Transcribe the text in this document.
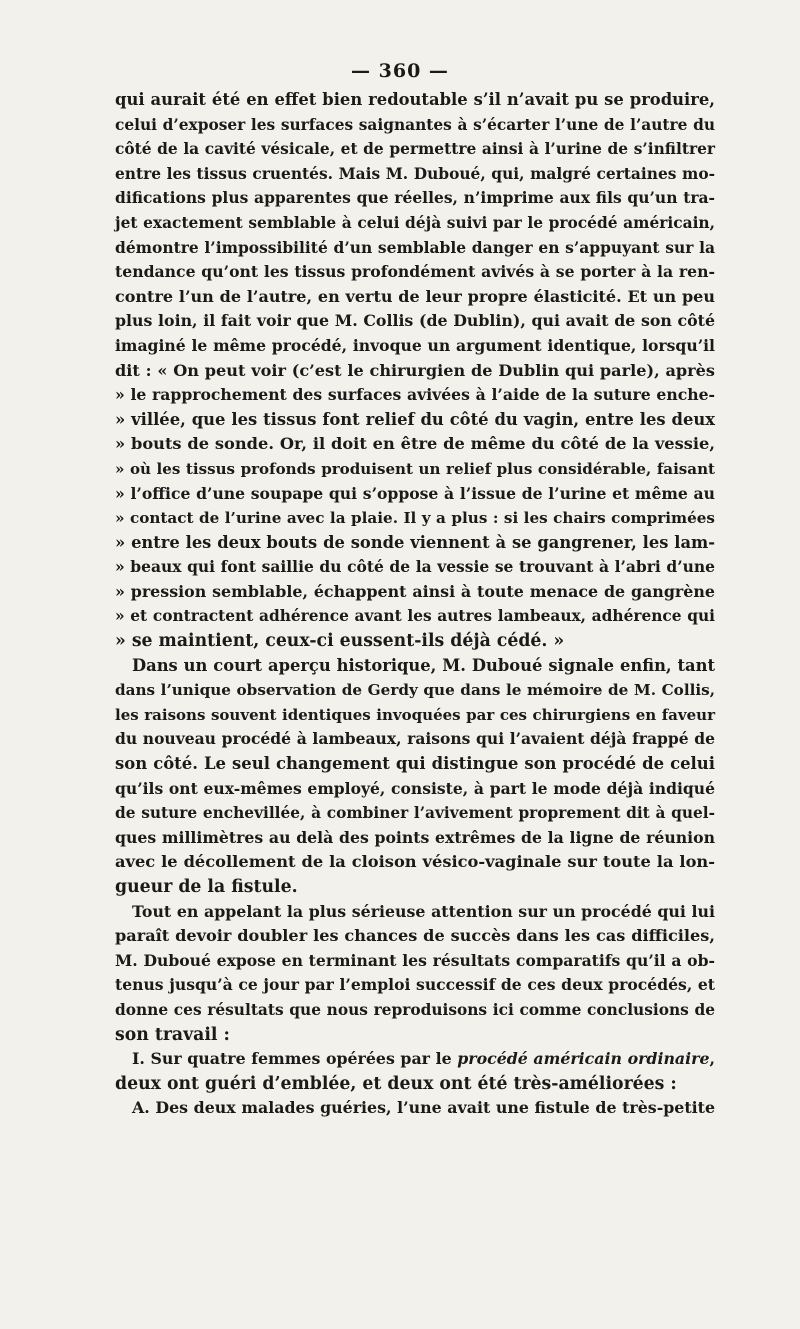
— 360 —
qui aurait été en effet bien redoutable s’il n’avait pu se produire,
celui d’exposer les surfaces saignantes à s’écarter l’une de l’autre du
côté de la cavité vésicale, et de permettre ainsi à l’urine de s’infiltrer
entre les tissus cruentés. Mais M. Duboué, qui, malgré certaines mo-
difications plus apparentes que réelles, n’imprime aux fils qu’un tra-
jet exactement semblable à celui déjà suivi par le procédé américain,
démontre l’impossibilité d’un semblable danger en s’appuyant sur la
tendance qu’ont les tissus profondément avivés à se porter à la ren-
contre l’un de l’autre, en vertu de leur propre élasticité. Et un peu
plus loin, il fait voir que M. Collis (de Dublin), qui avait de son côté
imaginé le même procédé, invoque un argument identique, lorsqu’il
dit : « On peut voir (c’est le chirurgien de Dublin qui parle), après
» le rapprochement des surfaces avivées à l’aide de la suture enche-
» villée, que les tissus font relief du côté du vagin, entre les deux
» bouts de sonde. Or, il doit en être de même du côté de la vessie,
» où les tissus profonds produisent un relief plus considérable, faisant
» l’office d’une soupape qui s’oppose à l’issue de l’urine et même au
» contact de l’urine avec la plaie. Il y a plus : si les chairs comprimées
» entre les deux bouts de sonde viennent à se gangrener, les lam-
» beaux qui font saillie du côté de la vessie se trouvant à l’abri d’une
» pression semblable, échappent ainsi à toute menace de gangrène
» et contractent adhérence avant les autres lambeaux, adhérence qui
» se maintient, ceux-ci eussent-ils déjà cédé. »
Dans un court aperçu historique, M. Duboué signale enfin, tant
dans l’unique observation de Gerdy que dans le mémoire de M. Collis,
les raisons souvent identiques invoquées par ces chirurgiens en faveur
du nouveau procédé à lambeaux, raisons qui l’avaient déjà frappé de
son côté. Le seul changement qui distingue son procédé de celui
qu’ils ont eux-mêmes employé, consiste, à part le mode déjà indiqué
de suture enchevillée, à combiner l’avivement proprement dit à quel-
ques millimètres au delà des points extrêmes de la ligne de réunion
avec le décollement de la cloison vésico-vaginale sur toute la lon-
gueur de la fistule.
Tout en appelant la plus sérieuse attention sur un procédé qui lui
paraît devoir doubler les chances de succès dans les cas difficiles,
M. Duboué expose en terminant les résultats comparatifs qu’il a ob-
tenus jusqu’à ce jour par l’emploi successif de ces deux procédés, et
donne ces résultats que nous reproduisons ici comme conclusions de
son travail :
I. Sur quatre femmes opérées par le procédé américain ordinaire,
deux ont guéri d’emblée, et deux ont été très-améliorées :
A. Des deux malades guéries, l’une avait une fistule de très-petite
